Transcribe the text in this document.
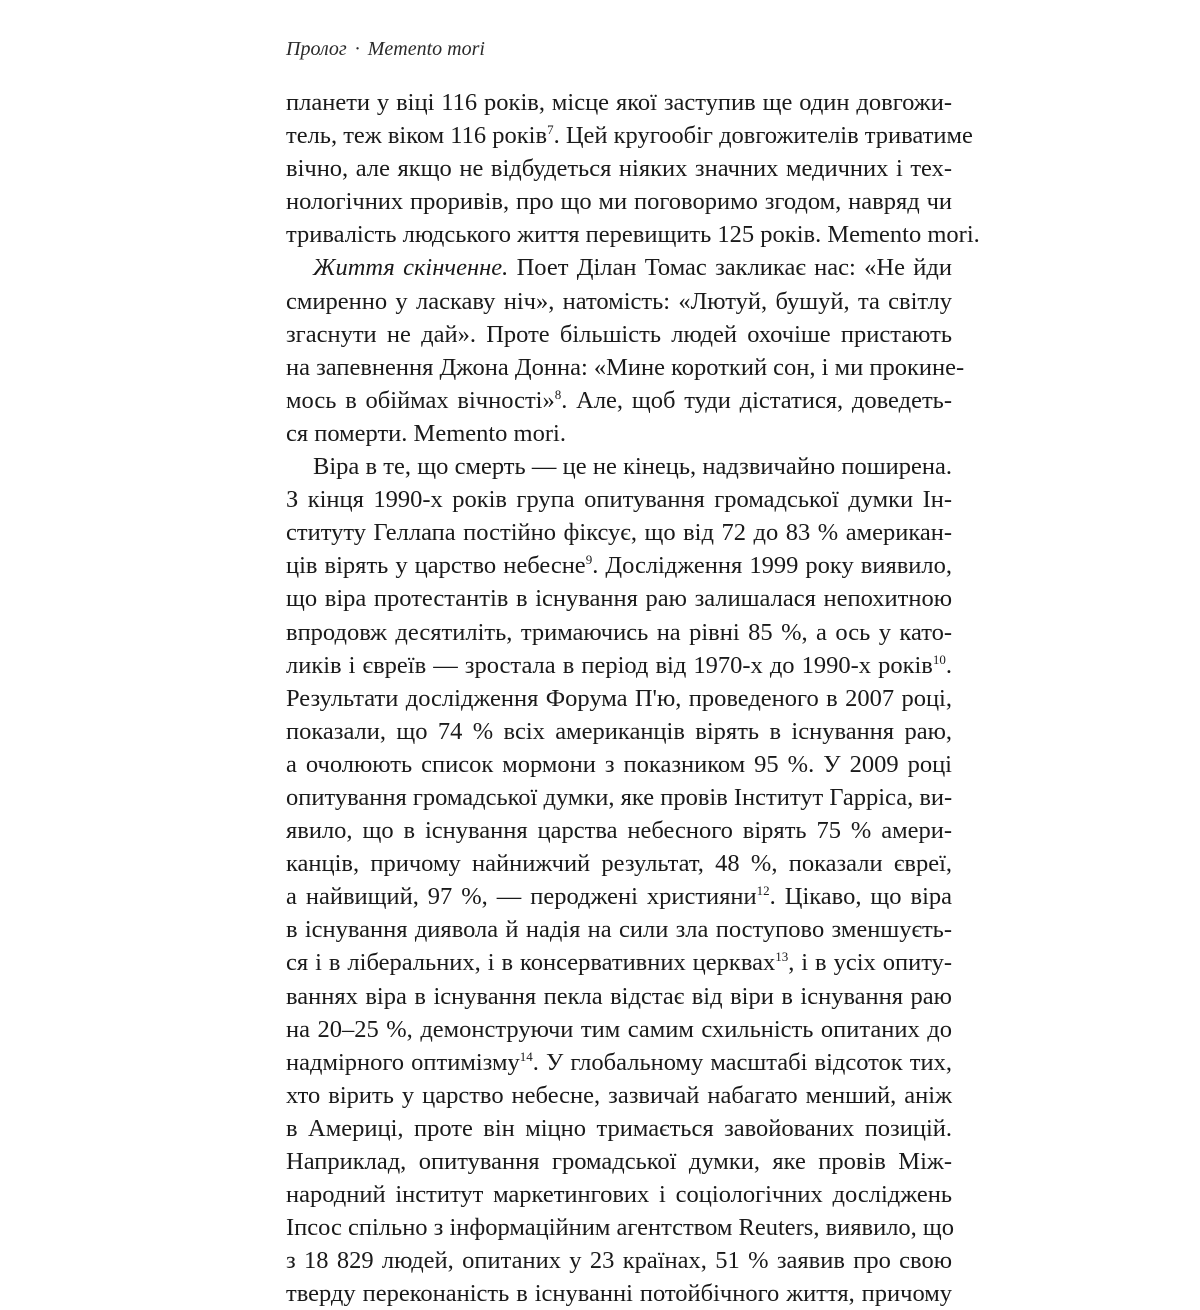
Пролог · Memento mori
планети у віці 116 років, місце якої заступив ще один довгожи-
тель, теж віком 116 років$^7$. Цей кругообіг довгожителів триватиме
вічно, але якщо не відбудеться ніяких значних медичних і тех-
нологічних проривів, про що ми поговоримо згодом, навряд чи
тривалість людського життя перевищить 125 років. Memento mori.
Життя скінченне. Поет Ділан Томас закликає нас: «Не йди
смиренно у ласкаву ніч», натомість: «Лютуй, бушуй, та світлу
згаснути не дай». Проте більшість людей охочіше пристають
на запевнення Джона Донна: «Мине короткий сон, і ми прокине-
мось в обіймах вічності»$^8$. Але, щоб туди дістатися, доведеть-
ся померти. Memento mori.
Віра в те, що смерть — це не кінець, надзвичайно поширена.
З кінця 1990-х років група опитування громадської думки Ін-
ституту Геллапа постійно фіксує, що від 72 до 83 % американ-
ців вірять у царство небесне$^9$. Дослідження 1999 року виявило,
що віра протестантів в існування раю залишалася непохитною
впродовж десятиліть, тримаючись на рівні 85 %, а ось у като-
ликів і євреїв — зростала в період від 1970-х до 1990-х років$^{10}$.
Результати дослідження Форума П'ю, проведеного в 2007 році,
показали, що 74 % всіх американців вірять в існування раю,
а очолюють список мормони з показником 95 %. У 2009 році
опитування громадської думки, яке провів Інститут Гарріса, ви-
явило, що в існування царства небесного вірять 75 % амери-
канців, причому найнижчий результат, 48 %, показали євреї,
а найвищий, 97 %, — пероджені християни$^{12}$. Цікаво, що віра
в існування диявола й надія на сили зла поступово зменшуєть-
ся і в ліберальних, і в консервативних церквах$^{13}$, і в усіх опиту-
ваннях віра в існування пекла відстає від віри в існування раю
на 20–25 %, демонструючи тим самим схильність опитаних до
надмірного оптимізму$^{14}$. У глобальному масштабі відсоток тих,
хто вірить у царство небесне, зазвичай набагато менший, аніж
в Америці, проте він міцно тримається завойованих позицій.
Наприклад, опитування громадської думки, яке провів Між-
народний інститут маркетингових і соціологічних досліджень
Іпсос спільно з інформаційним агентством Reuters, виявило, що
з 18 829 людей, опитаних у 23 країнах, 51 % заявив про свою
тверду переконаність в існуванні потойбічного життя, причому
